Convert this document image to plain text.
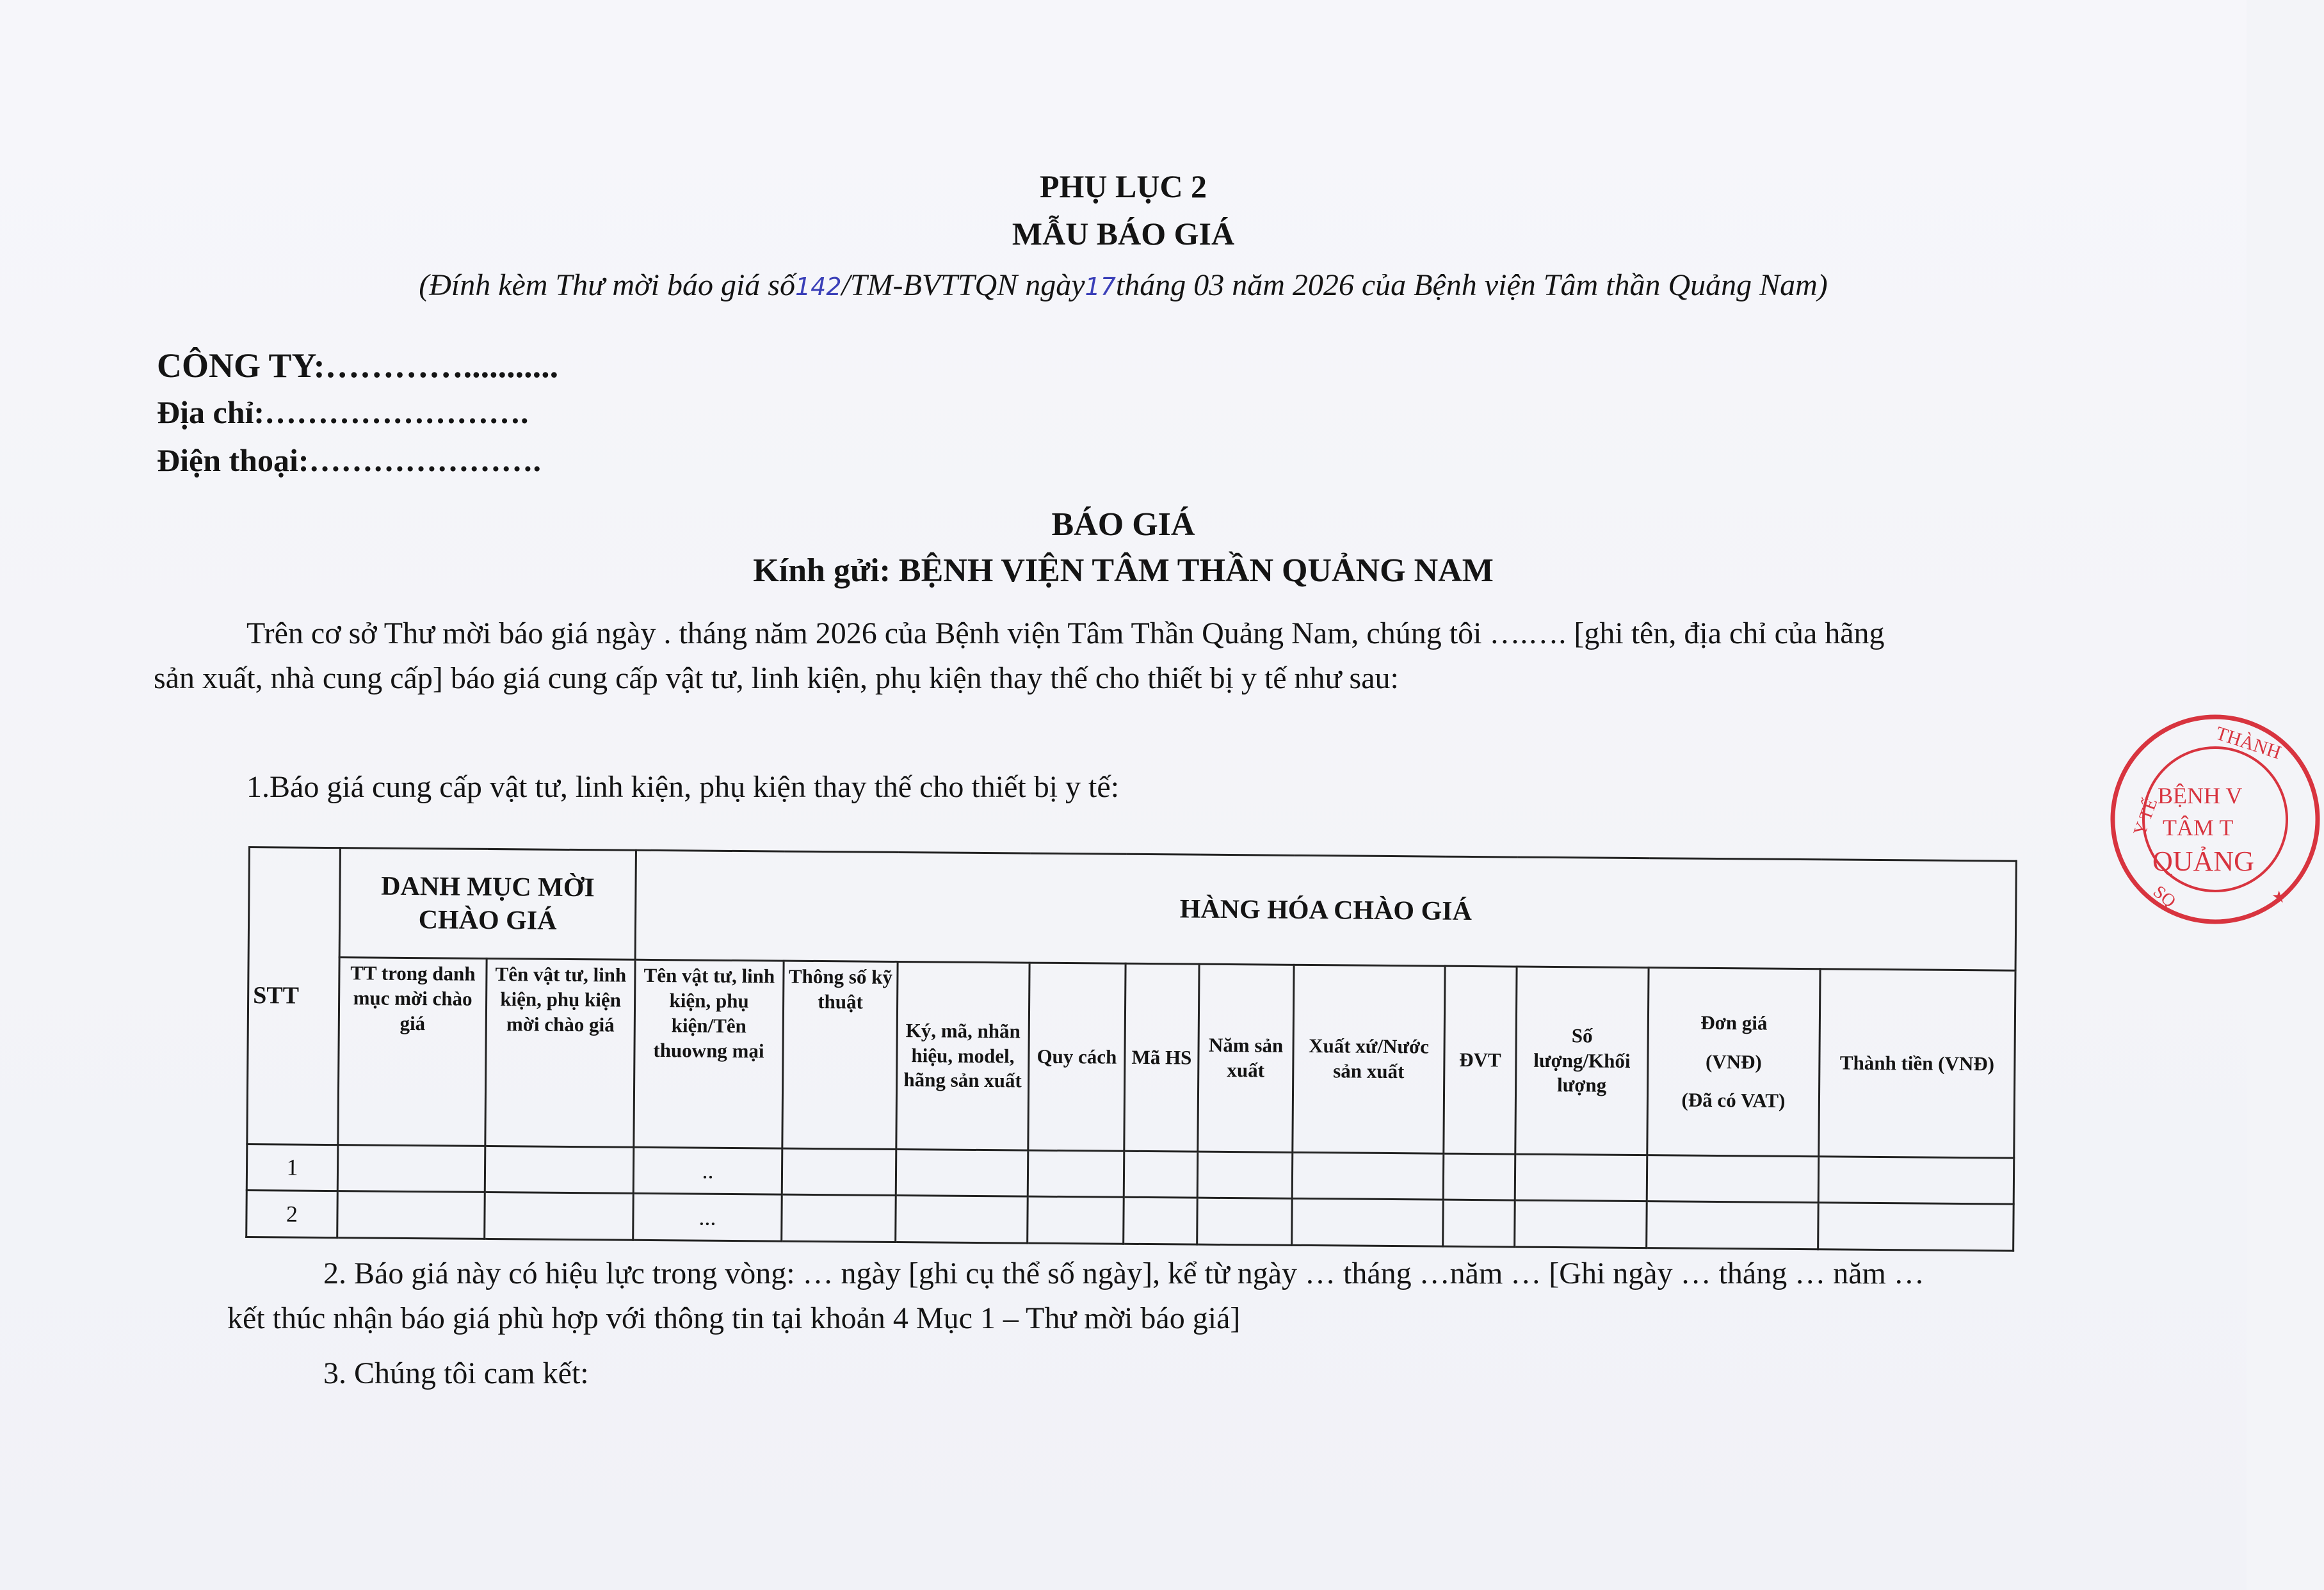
PHỤ LỤC 2
MẪU BÁO GIÁ
(Đính kèm Thư mời báo giá số142/TM-BVTTQN ngày17tháng 03 năm 2026 của Bệnh viện Tâm thần Quảng Nam)
CÔNG TY:…………...........
Địa chỉ:…………………….
Điện thoại:………………….
BÁO GIÁ
Kính gửi: BỆNH VIỆN TÂM THẦN QUẢNG NAM
Trên cơ sở Thư mời báo giá ngày . tháng năm 2026 của Bệnh viện Tâm Thần Quảng Nam, chúng tôi ….…. [ghi tên, địa chỉ của hãng
sản xuất, nhà cung cấp] báo giá cung cấp vật tư, linh kiện, phụ kiện thay thế cho thiết bị y tế như sau:
1.Báo giá cung cấp vật tư, linh kiện, phụ kiện thay thế cho thiết bị y tế:
STT	DANH MỤC MỜI CHÀO GIÁ		HÀNG HÓA CHÀO GIÁ										
	TT trong danh mục mời chào giá	Tên vật tư, linh kiện, phụ kiện mời chào giá	Tên vật tư, linh kiện, phụ kiện/Tên thuowng mại	Thông số kỹ thuật	Ký, mã, nhãn hiệu, model, hãng sản xuất	Quy cách	Mã HS	Năm sản xuất	Xuất xứ/Nước sản xuất	ĐVT	Số lượng/Khối lượng	Đơn giá
(VNĐ)
(Đã có VAT)	Thành tiền (VNĐ)
1			..										
2			...										
2. Báo giá này có hiệu lực trong vòng: … ngày [ghi cụ thể số ngày], kể từ ngày … tháng …năm … [Ghi ngày … tháng … năm …
kết thúc nhận báo giá phù hợp với thông tin tại khoản 4 Mục 1 – Thư mời báo giá]
3. Chúng tôi cam kết:
THÀNH
Y TẾ
SQ
BỆNH V
TÂM T
QUẢNG
★
